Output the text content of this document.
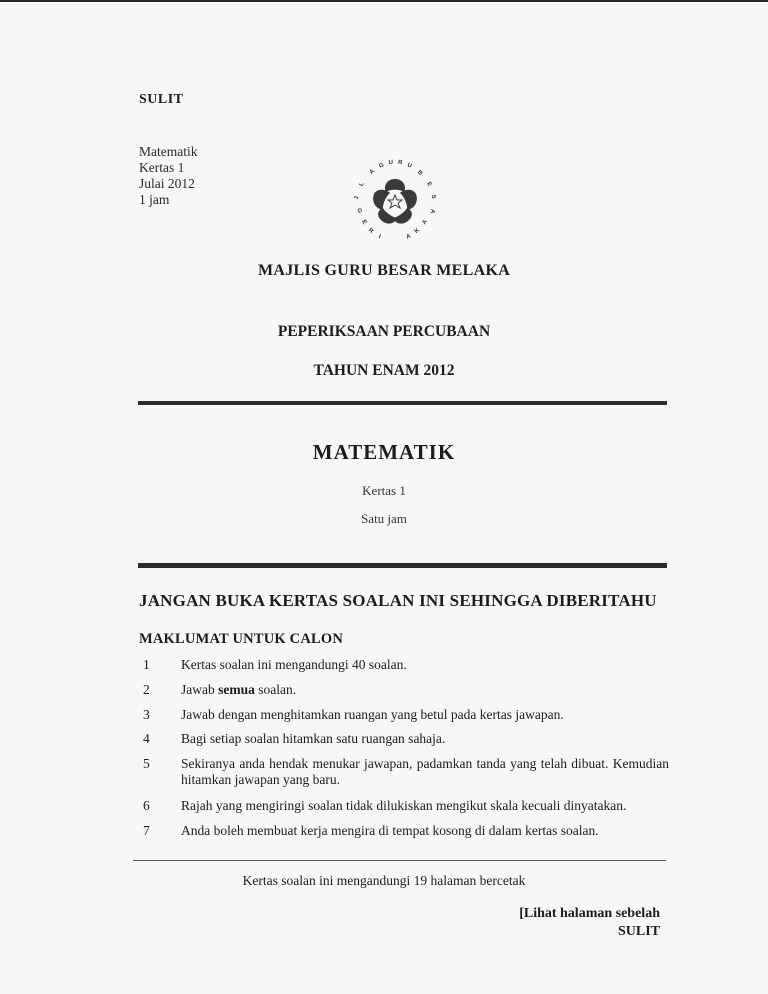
SULIT
Matematik
Kertas 1
Julai 2012
1 jam
A
G U R U
B
E
S
A
A
K
A
I
R
E
G
J
L
MAJLIS GURU BESAR MELAKA
PEPERIKSAAN PERCUBAAN
TAHUN ENAM 2012
MATEMATIK
Kertas 1
Satu jam
JANGAN BUKA KERTAS SOALAN INI SEHINGGA DIBERITAHU
MAKLUMAT UNTUK CALON
1 Kertas soalan ini mengandungi 40 soalan.
2 Jawab semua soalan.
3 Jawab dengan menghitamkan ruangan yang betul pada kertas jawapan.
4 Bagi setiap soalan hitamkan satu ruangan sahaja.
5 Sekiranya anda hendak menukar jawapan, padamkan tanda yang telah dibuat. Kemudian hitamkan jawapan yang baru.
6 Rajah yang mengiringi soalan tidak dilukiskan mengikut skala kecuali dinyatakan.
7 Anda boleh membuat kerja mengira di tempat kosong di dalam kertas soalan.
Kertas soalan ini mengandungi 19 halaman bercetak
[Lihat halaman sebelah
SULIT
